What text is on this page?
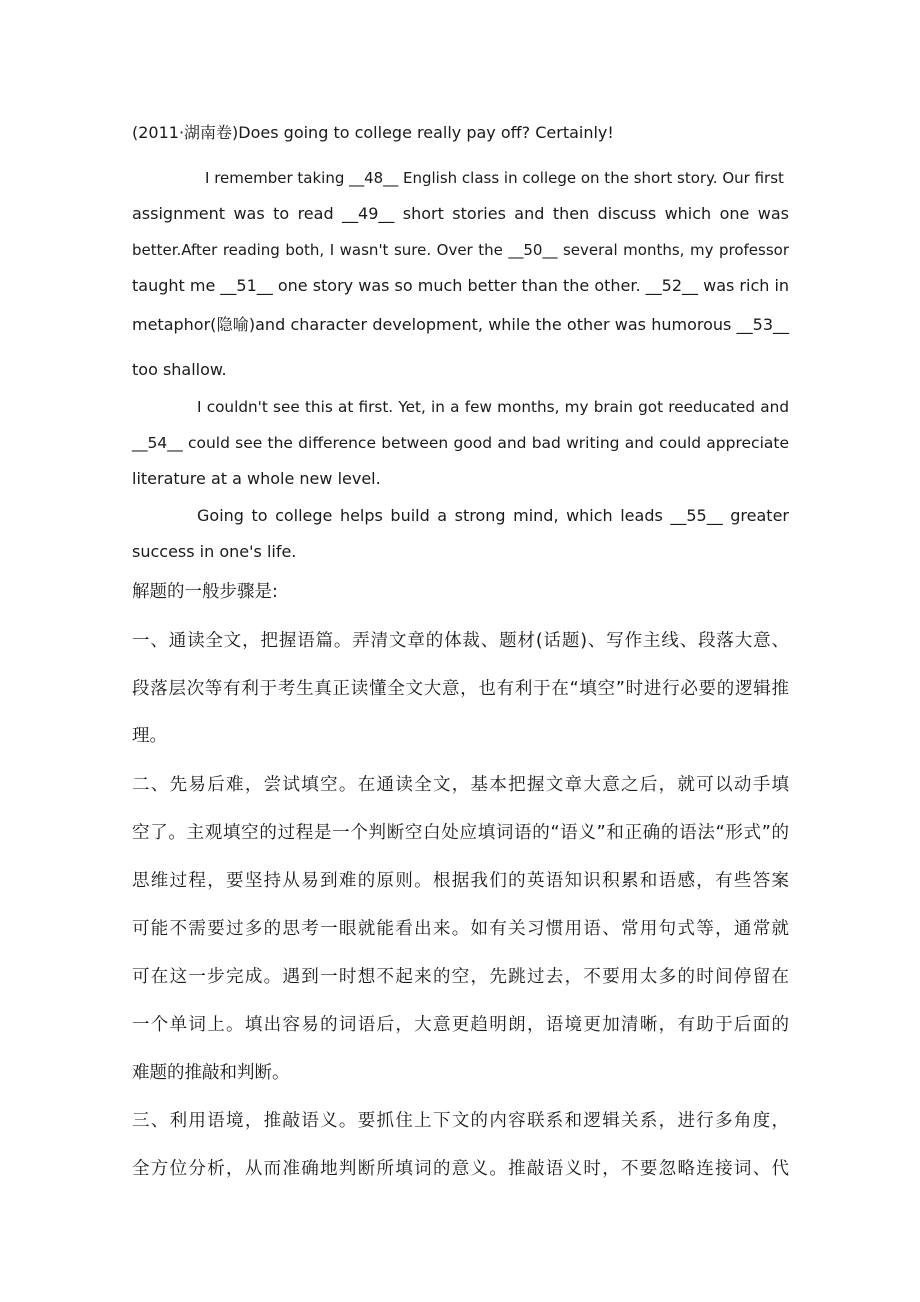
(2011·湖南卷)Does going to college really pay off? Certainly!

I remember taking __48__ English class in college on the short story. Our first

assignment was to read __49__ short stories and then discuss which one was

better.After reading both, I wasn't sure. Over the __50__ several months, my professor

taught me __51__ one story was so much better than the other. __52__ was rich in

metaphor(隐喻)and character development, while the other was humorous __53__

too shallow.

I couldn't see this at first. Yet, in a few months, my brain got reeducated and

__54__ could see the difference between good and bad writing and could appreciate

literature at a whole new level.

Going to college helps build a strong mind, which leads __55__ greater

success in one's life.

解题的一般步骤是:

一、通读全文，把握语篇。弄清文章的体裁、题材(话题)、写作主线、段落大意、

段落层次等有利于考生真正读懂全文大意，也有利于在“填空”时进行必要的逻辑推

理。

二、先易后难，尝试填空。在通读全文，基本把握文章大意之后，就可以动手填

空了。主观填空的过程是一个判断空白处应填词语的“语义”和正确的语法“形式”的

思维过程，要坚持从易到难的原则。根据我们的英语知识积累和语感，有些答案

可能不需要过多的思考一眼就能看出来。如有关习惯用语、常用句式等，通常就

可在这一步完成。遇到一时想不起来的空，先跳过去，不要用太多的时间停留在

一个单词上。填出容易的词语后，大意更趋明朗，语境更加清晰，有助于后面的

难题的推敲和判断。

三、利用语境，推敲语义。要抓住上下文的内容联系和逻辑关系，进行多角度，

全方位分析，从而准确地判断所填词的意义。推敲语义时，不要忽略连接词、代
